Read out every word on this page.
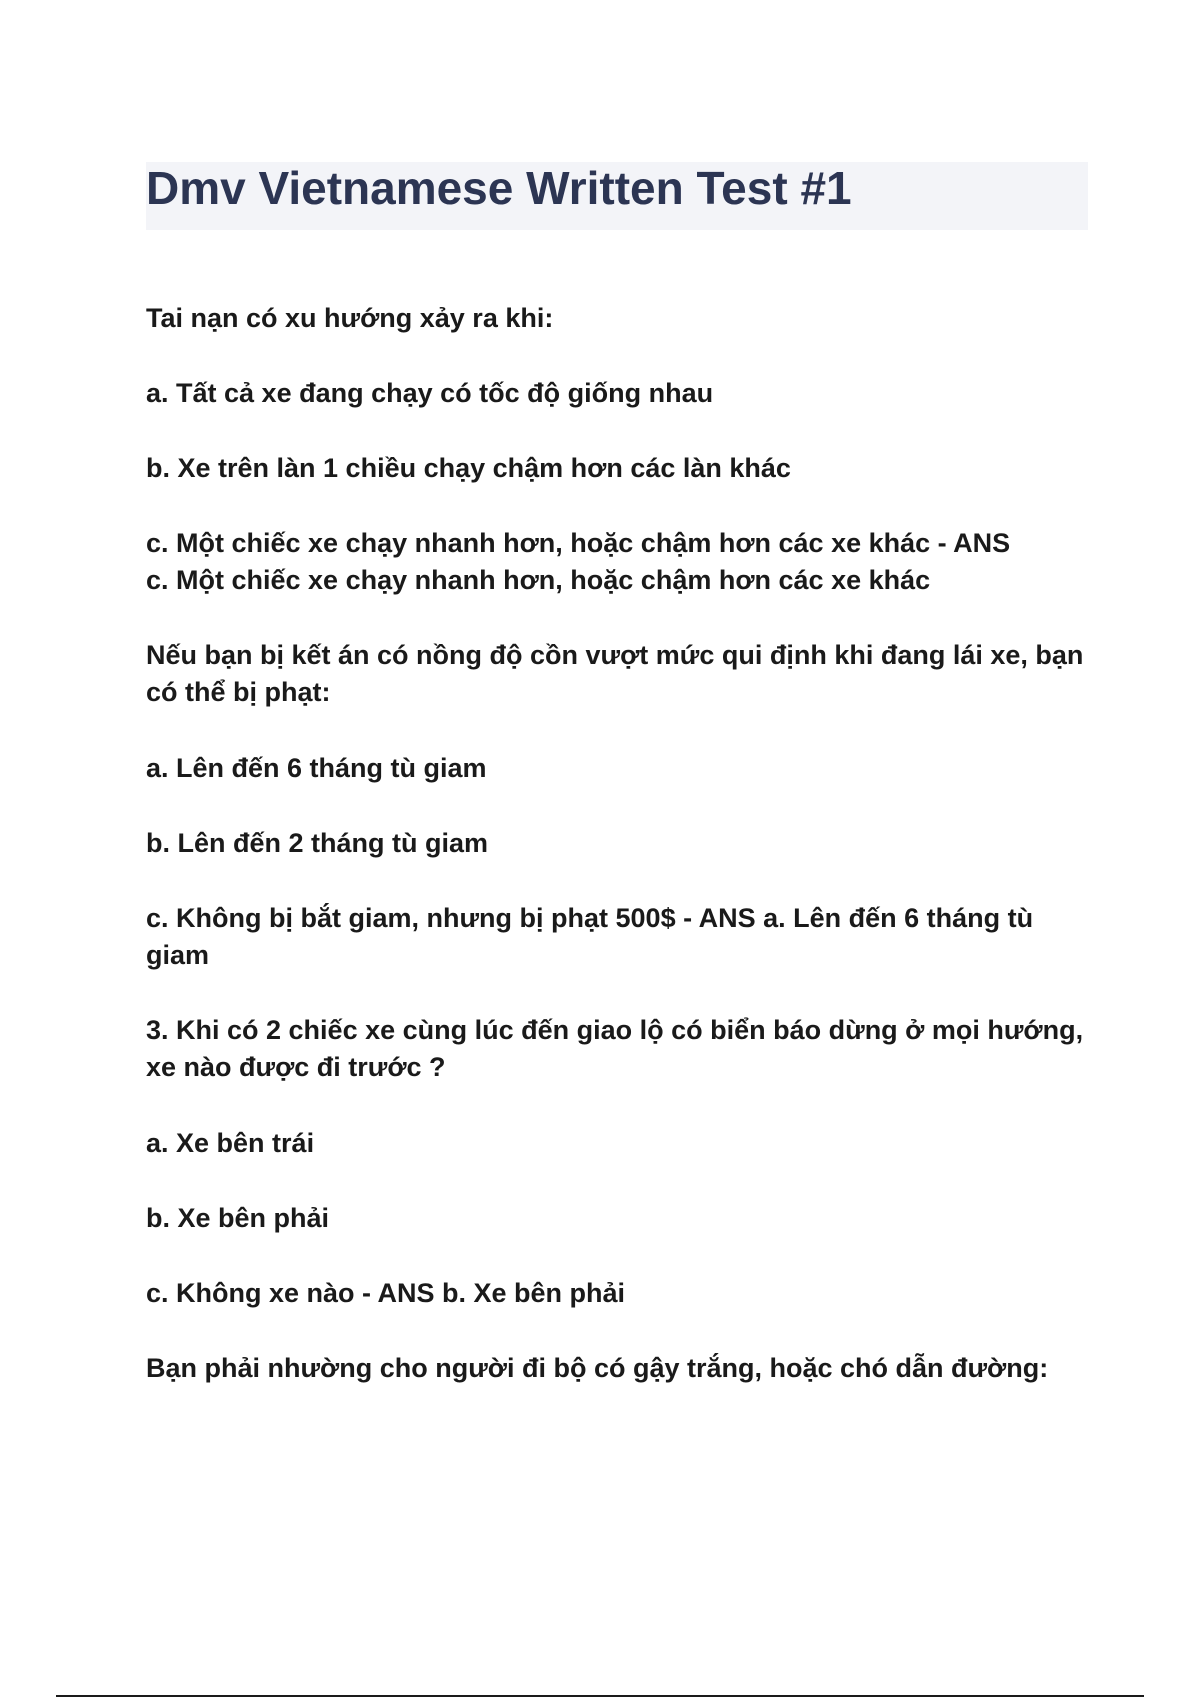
Dmv Vietnamese Written Test #1

Tai nạn có xu hướng xảy ra khi:

a. Tất cả xe đang chạy có tốc độ giống nhau

b. Xe trên làn 1 chiều chạy chậm hơn các làn khác

c. Một chiếc xe chạy nhanh hơn, hoặc chậm hơn các xe khác - ANS

c. Một chiếc xe chạy nhanh hơn, hoặc chậm hơn các xe khác

Nếu bạn bị kết án có nồng độ cồn vượt mức qui định khi đang lái xe, bạn có thể bị phạt:

a. Lên đến 6 tháng tù giam

b. Lên đến 2 tháng tù giam

c. Không bị bắt giam, nhưng bị phạt 500$ - ANS a. Lên đến 6 tháng tù giam

3. Khi có 2 chiếc xe cùng lúc đến giao lộ có biển báo dừng ở mọi hướng, xe nào được đi trước ?

a. Xe bên trái

b. Xe bên phải

c. Không xe nào - ANS b. Xe bên phải

Bạn phải nhường cho người đi bộ có gậy trắng, hoặc chó dẫn đường:
